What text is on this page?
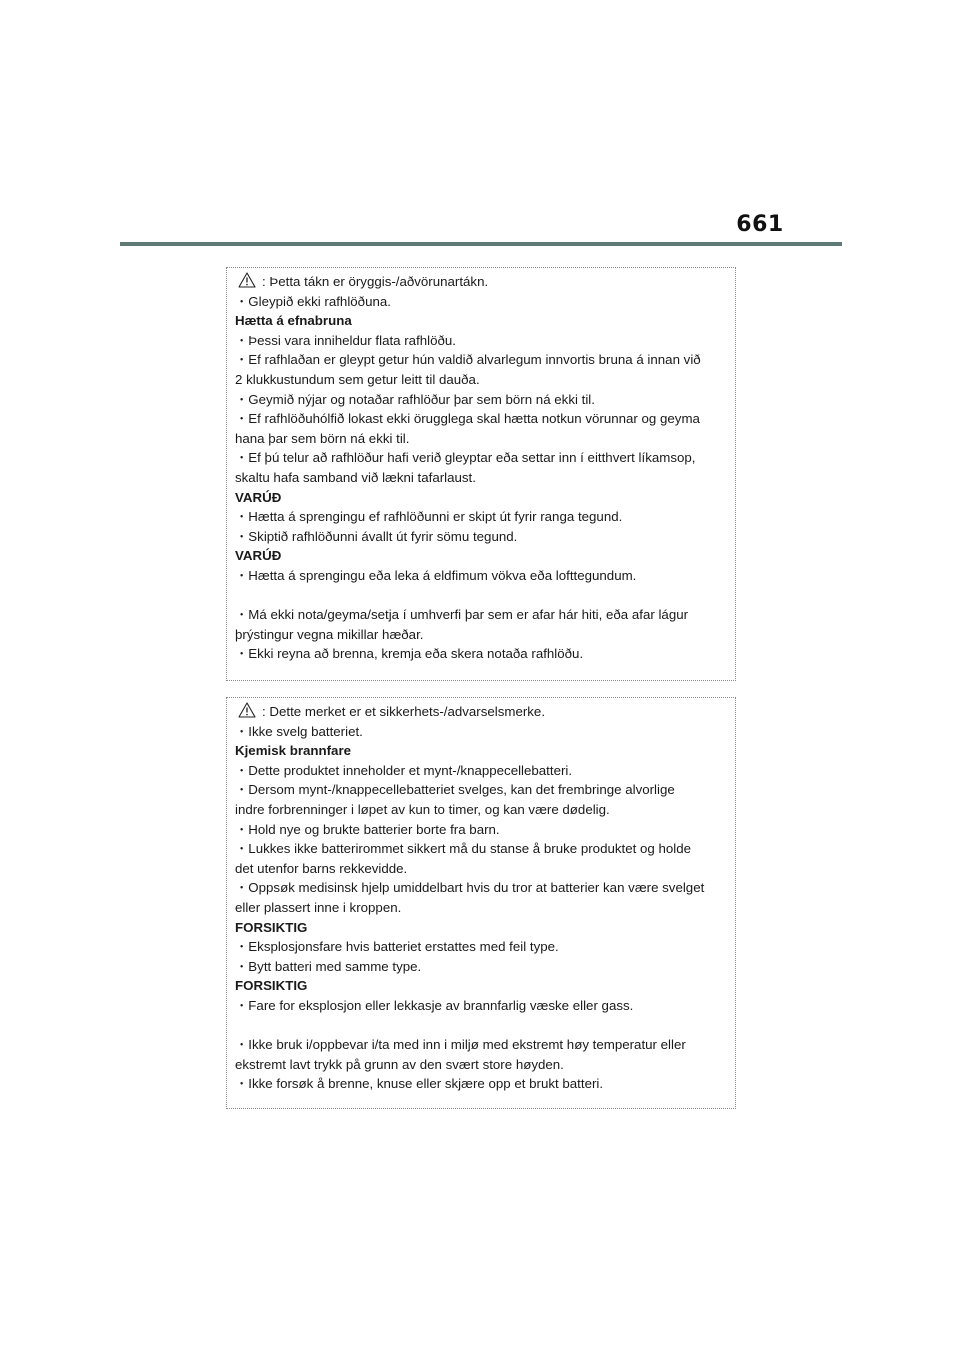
661
: Þetta tákn er öryggis-/aðvörunartákn.
・Gleypið ekki rafhlöðuna.
Hætta á efnabruna
・Þessi vara inniheldur flata rafhlöðu.
・Ef rafhlaðan er gleypt getur hún valdið alvarlegum innvortis bruna á innan við
2 klukkustundum sem getur leitt til dauða.
・Geymið nýjar og notaðar rafhlöður þar sem börn ná ekki til.
・Ef rafhlöðuhólfið lokast ekki örugglega skal hætta notkun vörunnar og geyma
hana þar sem börn ná ekki til.
・Ef þú telur að rafhlöður hafi verið gleyptar eða settar inn í eitthvert líkamsop,
skaltu hafa samband við lækni tafarlaust.
VARÚÐ
・Hætta á sprengingu ef rafhlöðunni er skipt út fyrir ranga tegund.
・Skiptið rafhlöðunni ávallt út fyrir sömu tegund.
VARÚÐ
・Hætta á sprengingu eða leka á eldfimum vökva eða lofttegundum.
・Má ekki nota/geyma/setja í umhverfi þar sem er afar hár hiti, eða afar lágur
þrýstingur vegna mikillar hæðar.
・Ekki reyna að brenna, kremja eða skera notaða rafhlöðu.
: Dette merket er et sikkerhets-/advarselsmerke.
・Ikke svelg batteriet.
Kjemisk brannfare
・Dette produktet inneholder et mynt-/knappecellebatteri.
・Dersom mynt-/knappecellebatteriet svelges, kan det frembringe alvorlige
indre forbrenninger i løpet av kun to timer, og kan være dødelig.
・Hold nye og brukte batterier borte fra barn.
・Lukkes ikke batterirommet sikkert må du stanse å bruke produktet og holde
det utenfor barns rekkevidde.
・Oppsøk medisinsk hjelp umiddelbart hvis du tror at batterier kan være svelget
eller plassert inne i kroppen.
FORSIKTIG
・Eksplosjonsfare hvis batteriet erstattes med feil type.
・Bytt batteri med samme type.
FORSIKTIG
・Fare for eksplosjon eller lekkasje av brannfarlig væske eller gass.
・Ikke bruk i/oppbevar i/ta med inn i miljø med ekstremt høy temperatur eller
ekstremt lavt trykk på grunn av den svært store høyden.
・Ikke forsøk å brenne, knuse eller skjære opp et brukt batteri.
